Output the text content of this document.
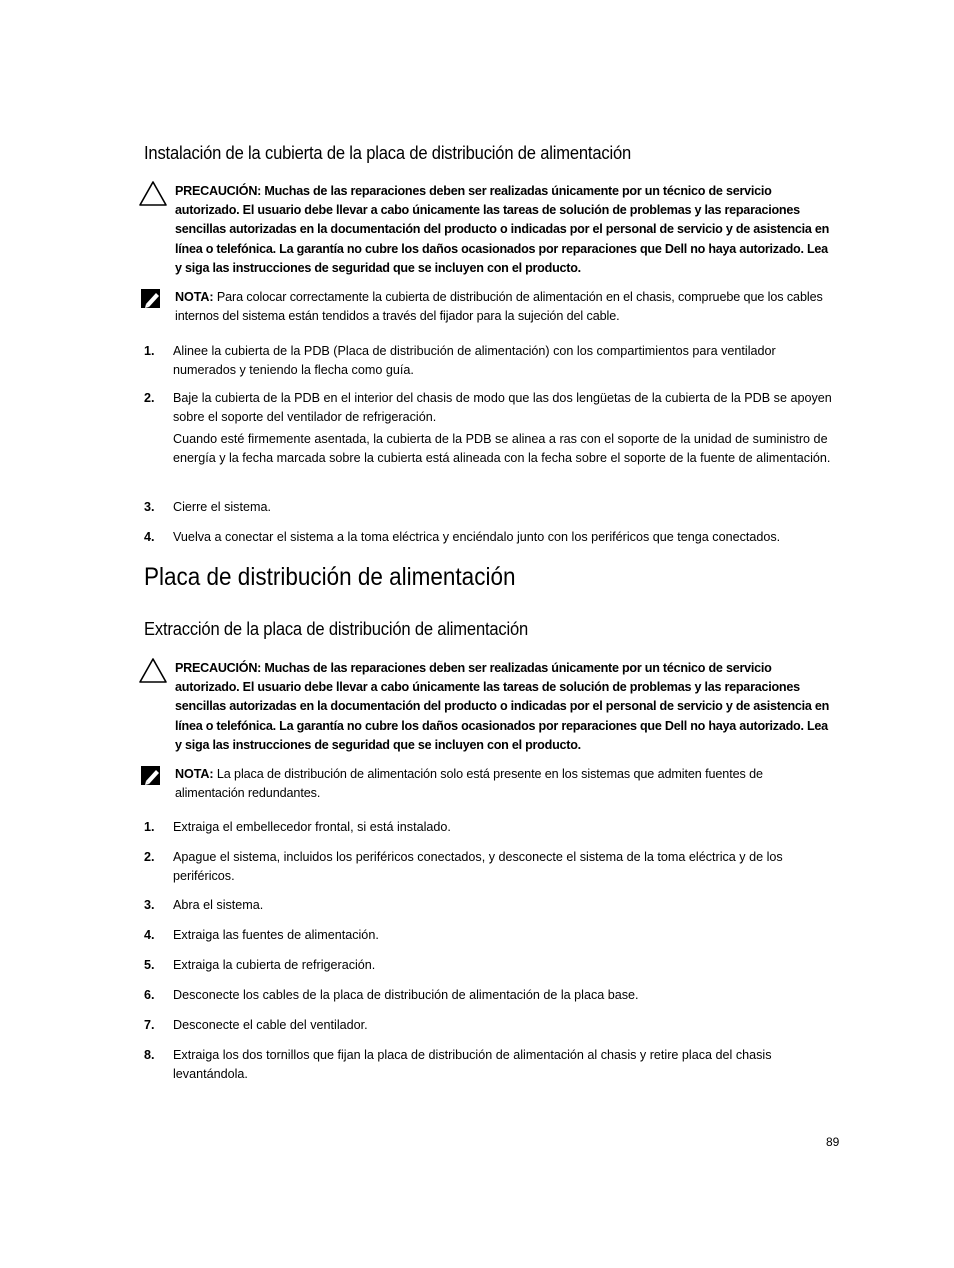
Instalación de la cubierta de la placa de distribución de alimentación
PRECAUCIÓN: Muchas de las reparaciones deben ser realizadas únicamente por un técnico de servicio autorizado. El usuario debe llevar a cabo únicamente las tareas de solución de problemas y las reparaciones sencillas autorizadas en la documentación del producto o indicadas por el personal de servicio y de asistencia en línea o telefónica. La garantía no cubre los daños ocasionados por reparaciones que Dell no haya autorizado. Lea y siga las instrucciones de seguridad que se incluyen con el producto.
NOTA: Para colocar correctamente la cubierta de distribución de alimentación en el chasis, compruebe que los cables internos del sistema están tendidos a través del fijador para la sujeción del cable.
1. Alinee la cubierta de la PDB (Placa de distribución de alimentación) con los compartimientos para ventilador numerados y teniendo la flecha como guía.

2. Baje la cubierta de la PDB en el interior del chasis de modo que las dos lengüetas de la cubierta de la PDB se apoyen sobre el soporte del ventilador de refrigeración.

Cuando esté firmemente asentada, la cubierta de la PDB se alinea a ras con el soporte de la unidad de suministro de energía y la fecha marcada sobre la cubierta está alineada con la fecha sobre el soporte de la fuente de alimentación.

3. Cierre el sistema.

4. Vuelva a conectar el sistema a la toma eléctrica y enciéndalo junto con los periféricos que tenga conectados.

Placa de distribución de alimentación
Extracción de la placa de distribución de alimentación
PRECAUCIÓN: Muchas de las reparaciones deben ser realizadas únicamente por un técnico de servicio autorizado. El usuario debe llevar a cabo únicamente las tareas de solución de problemas y las reparaciones sencillas autorizadas en la documentación del producto o indicadas por el personal de servicio y de asistencia en línea o telefónica. La garantía no cubre los daños ocasionados por reparaciones que Dell no haya autorizado. Lea y siga las instrucciones de seguridad que se incluyen con el producto.
NOTA: La placa de distribución de alimentación solo está presente en los sistemas que admiten fuentes de alimentación redundantes.
1. Extraiga el embellecedor frontal, si está instalado.

2. Apague el sistema, incluidos los periféricos conectados, y desconecte el sistema de la toma eléctrica y de los periféricos.

3. Abra el sistema.

4. Extraiga las fuentes de alimentación.

5. Extraiga la cubierta de refrigeración.

6. Desconecte los cables de la placa de distribución de alimentación de la placa base.

7. Desconecte el cable del ventilador.

8. Extraiga los dos tornillos que fijan la placa de distribución de alimentación al chasis y retire placa del chasis levantándola.

89
